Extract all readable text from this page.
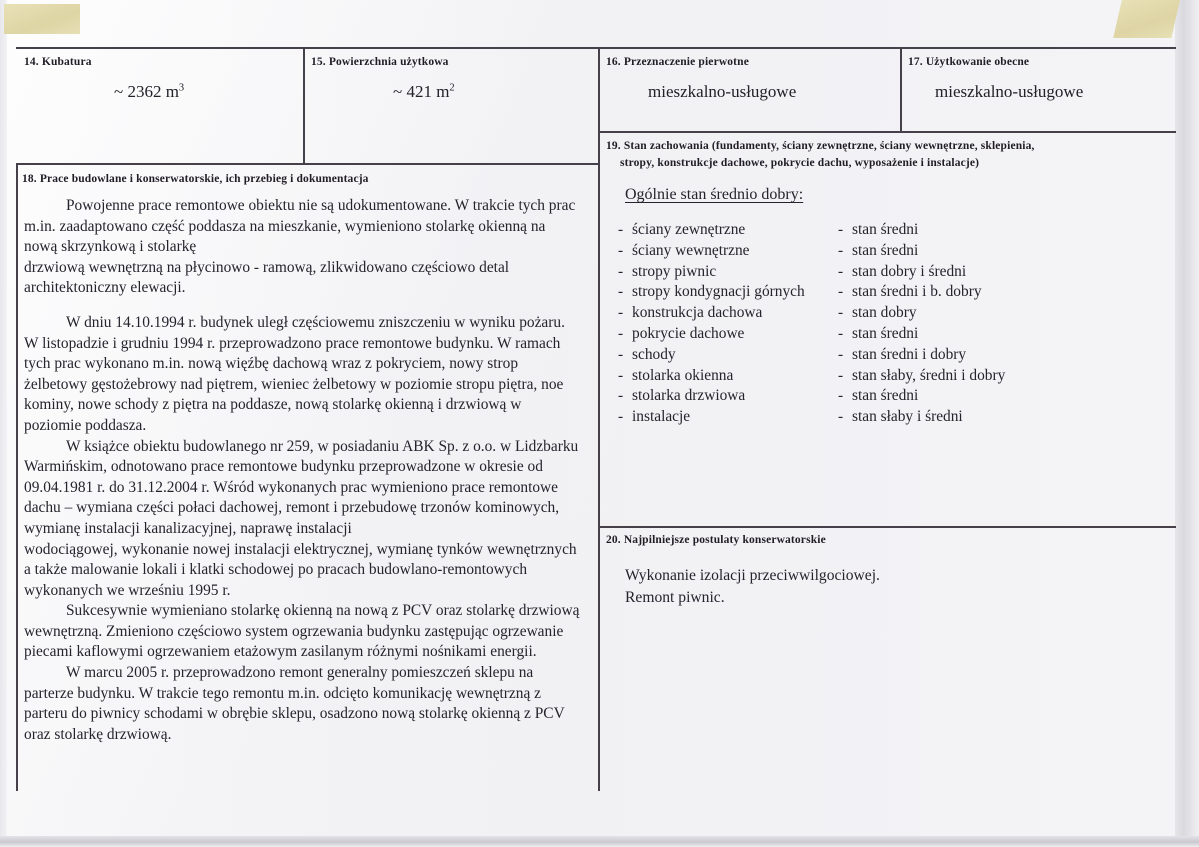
14. Kubatura
~ 2362 $m^3$
15. Powierzchnia użytkowa
~ 421 $m^2$
16. Przeznaczenie pierwotne
mieszkalno-usługowe
17. Użytkowanie obecne
mieszkalno-usługowe
18. Prace budowlane i konserwatorskie, ich przebieg i dokumentacja

Powojenne prace remontowe obiektu nie są udokumentowane. W trakcie tych prac m.in. zaadaptowano część poddasza na mieszkanie, wymieniono stolarkę okienną na nową skrzynkową i stolarkę

drzwiową wewnętrzną na płycinowo - ramową, zlikwidowano częściowo detal architektoniczny elewacji.

W dniu 14.10.1994 r. budynek uległ częściowemu zniszczeniu w wyniku pożaru. W listopadzie i grudniu 1994 r. przeprowadzono prace remontowe budynku. W ramach tych prac wykonano m.in. nową więźbę dachową wraz z pokryciem, nowy strop żelbetowy gęstożebrowy nad piętrem, wieniec żelbetowy w poziomie stropu piętra, noe kominy, nowe schody z piętra na poddasze, nową stolarkę okienną i drzwiową w poziomie poddasza.

W książce obiektu budowlanego nr 259, w posiadaniu ABK Sp. z o.o. w Lidzbarku Warmińskim, odnotowano prace remontowe budynku przeprowadzone w okresie od 09.04.1981 r. do 31.12.2004 r. Wśród wykonanych prac wymieniono prace remontowe dachu – wymiana części połaci dachowej, remont i przebudowę trzonów kominowych, wymianę instalacji kanalizacyjnej, naprawę instalacji

wodociągowej, wykonanie nowej instalacji elektrycznej, wymianę tynków wewnętrznych a także malowanie lokali i klatki schodowej po pracach budowlano-remontowych wykonanych we wrześniu 1995 r.

Sukcesywnie wymieniano stolarkę okienną na nową z PCV oraz stolarkę drzwiową wewnętrzną. Zmieniono częściowo system ogrzewania budynku zastępując ogrzewanie piecami kaflowymi ogrzewaniem etażowym zasilanym różnymi nośnikami energii.

W marcu 2005 r. przeprowadzono remont generalny pomieszczeń sklepu na parterze budynku. W trakcie tego remontu m.in. odcięto komunikację wewnętrzną z parteru do piwnicy schodami w obrębie sklepu, osadzono nową stolarkę okienną z PCV oraz stolarkę drzwiową.

19. Stan zachowania (fundamenty, ściany zewnętrzne, ściany wewnętrzne, sklepienia,
stropy, konstrukcje dachowe, pokrycie dachu, wyposażenie i instalacje)
Ogólnie stan średnio dobry:
- ściany zewnętrzne	- stan średni
- ściany wewnętrzne	- stan średni
- stropy piwnic	- stan dobry i średni
- stropy kondygnacji górnych	- stan średni i b. dobry
- konstrukcja dachowa	- stan dobry
- pokrycie dachowe	- stan średni
- schody	- stan średni i dobry
- stolarka okienna	- stan słaby, średni i dobry
- stolarka drzwiowa	- stan średni
- instalacje	- stan słaby i średni
20. Najpilniejsze postulaty konserwatorskie
Wykonanie izolacji przeciwwilgociowej.
Remont piwnic.
